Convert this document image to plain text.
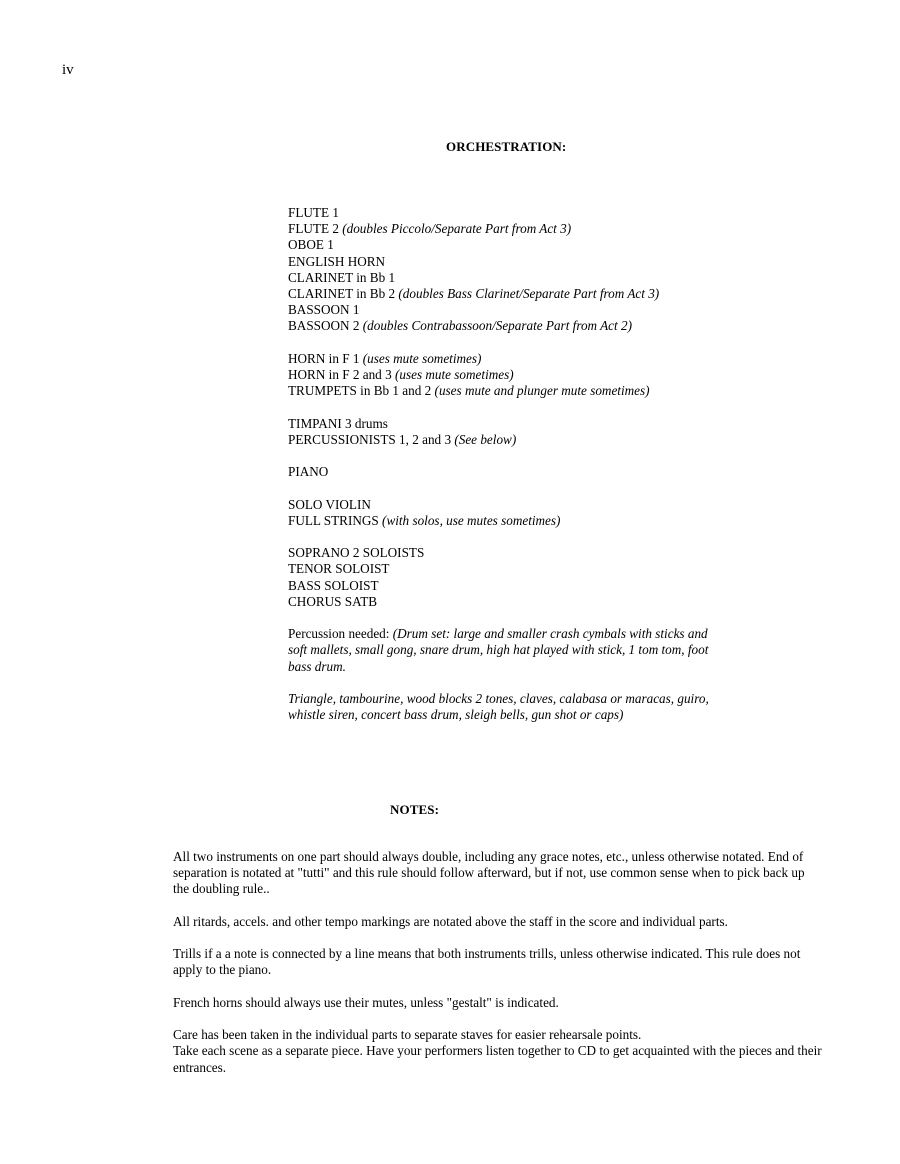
iv
ORCHESTRATION:
FLUTE 1
FLUTE 2 (doubles Piccolo/Separate Part from Act 3)
OBOE 1
ENGLISH HORN
CLARINET in Bb 1
CLARINET in Bb 2 (doubles Bass Clarinet/Separate Part from Act 3)
BASSOON 1
BASSOON 2 (doubles Contrabassoon/Separate Part from Act 2)
HORN in F 1 (uses mute sometimes)
HORN in F 2 and 3 (uses mute sometimes)
TRUMPETS in Bb 1 and 2 (uses mute and plunger mute sometimes)
TIMPANI 3 drums
PERCUSSIONISTS 1, 2 and 3 (See below)
PIANO
SOLO VIOLIN
FULL STRINGS (with solos, use mutes sometimes)
SOPRANO 2 SOLOISTS
TENOR SOLOIST
BASS SOLOIST
CHORUS SATB
Percussion needed: (Drum set: large and smaller crash cymbals with sticks and soft mallets, small gong, snare drum, high hat played with stick, 1 tom tom, foot bass drum.
Triangle, tambourine, wood blocks 2 tones, claves, calabasa or maracas, guiro, whistle siren, concert bass drum, sleigh bells, gun shot or caps)
NOTES:

All two instruments on one part should always double, including any grace notes, etc., unless otherwise notated. End of separation is notated at "tutti" and this rule should follow afterward, but if not, use common sense when to pick back up the doubling rule..

All ritards, accels. and other tempo markings are notated above the staff in the score and individual parts.

Trills if a a note is connected by a line means that both instruments trills, unless otherwise indicated. This rule does not apply to the piano.

French horns should always use their mutes, unless "gestalt" is indicated.

Care has been taken in the individual parts to separate staves for easier rehearsale points.

Take each scene as a separate piece. Have your performers listen together to CD to get acquainted with the pieces and their entrances.
